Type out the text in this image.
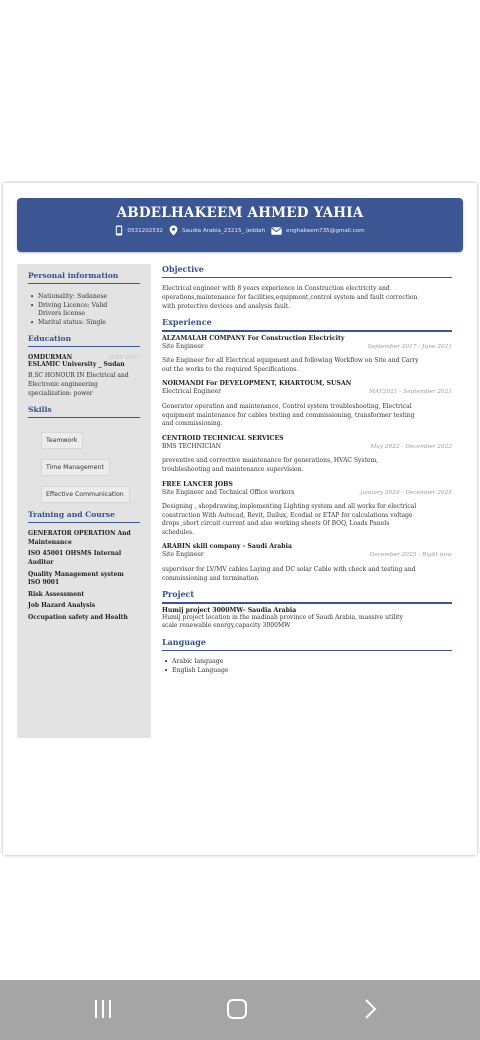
ABDELHAKEEM AHMED YAHIA
0531202532	Saudia Arabia_23215_ jeddah	enghakeem735@gmail.com
Personal information
• Nationality: Sudanese
• Driving Licence: Valid
Drivers license
• Marital status: Single
Education
OMDURMAN	JULY 2017
ESLAMIC University _ Sudan
B.SC HONOUR IN Electrical and
Electronic engineering
specialization: power
Skills
Teamwork
Time Management
Effective Communication
Training and Course
GENERATOR OPERATION And
Maintenance
ISO 45001 OHSMS Internal
Auditor
Quality Management system
ISO 9001
Risk Assessment
Job Hazard Analysis
Occupation safety and Health
Objective
Electrical engineer with 8 years experience in Construction electricity and
operations,maintenance for facilities,equipment,control system and fault correction
with protective devices and analysis fault.
Experience
ALZAMALAH COMPANY For Construction Electricity
Site Engineer	September 2017 - June 2021
Site Engineer for all Electrical equipment and following Workflow on Site and Carry
out the works to the required Specifications.
NORMANDI For DEVELOPMENT, KHARTOUM, SUSAN
Electrical Engineer	MAY2021 - September 2021
Generator operation and maintenance, Control system troubleshooting, Electrical
equipment maintenance for cables testing and commissioning, transformer testing
and commissioning.
CENTROID TECHNICAL SERVICES
BMS TECHNICIAN	May 2022 - December 2023
preventive and corrective maintenance for generations, HVAC System,
troubleshooting and maintenance supervision.
FREE LANCER JOBS
Site Engineer and Technical Office workers	January 2024 - December 2025
Designing , shopdrawing,implementing Lighting system and all works for electrical
construction With Autocad, Revit, Dailux, Ecodial or ETAP for calculations voltage
drops ,short circuit current and also working sheets Of BOQ, Loads Panels
schedules.
ARABIN skill company - Saudi Arabia
Site Engineer	December 2025 - Right now
supervisor for LV/MV cables Laying and DC solar Cable with check and testing and
commissioning and termination
Project
Humij project 3000MW- Saudia Arabia
Humij project location in the madinah province of Saudi Arabia, massive utility
scale renewable energy,capacity 3000MW
Language
• Arabic language
• English Language
